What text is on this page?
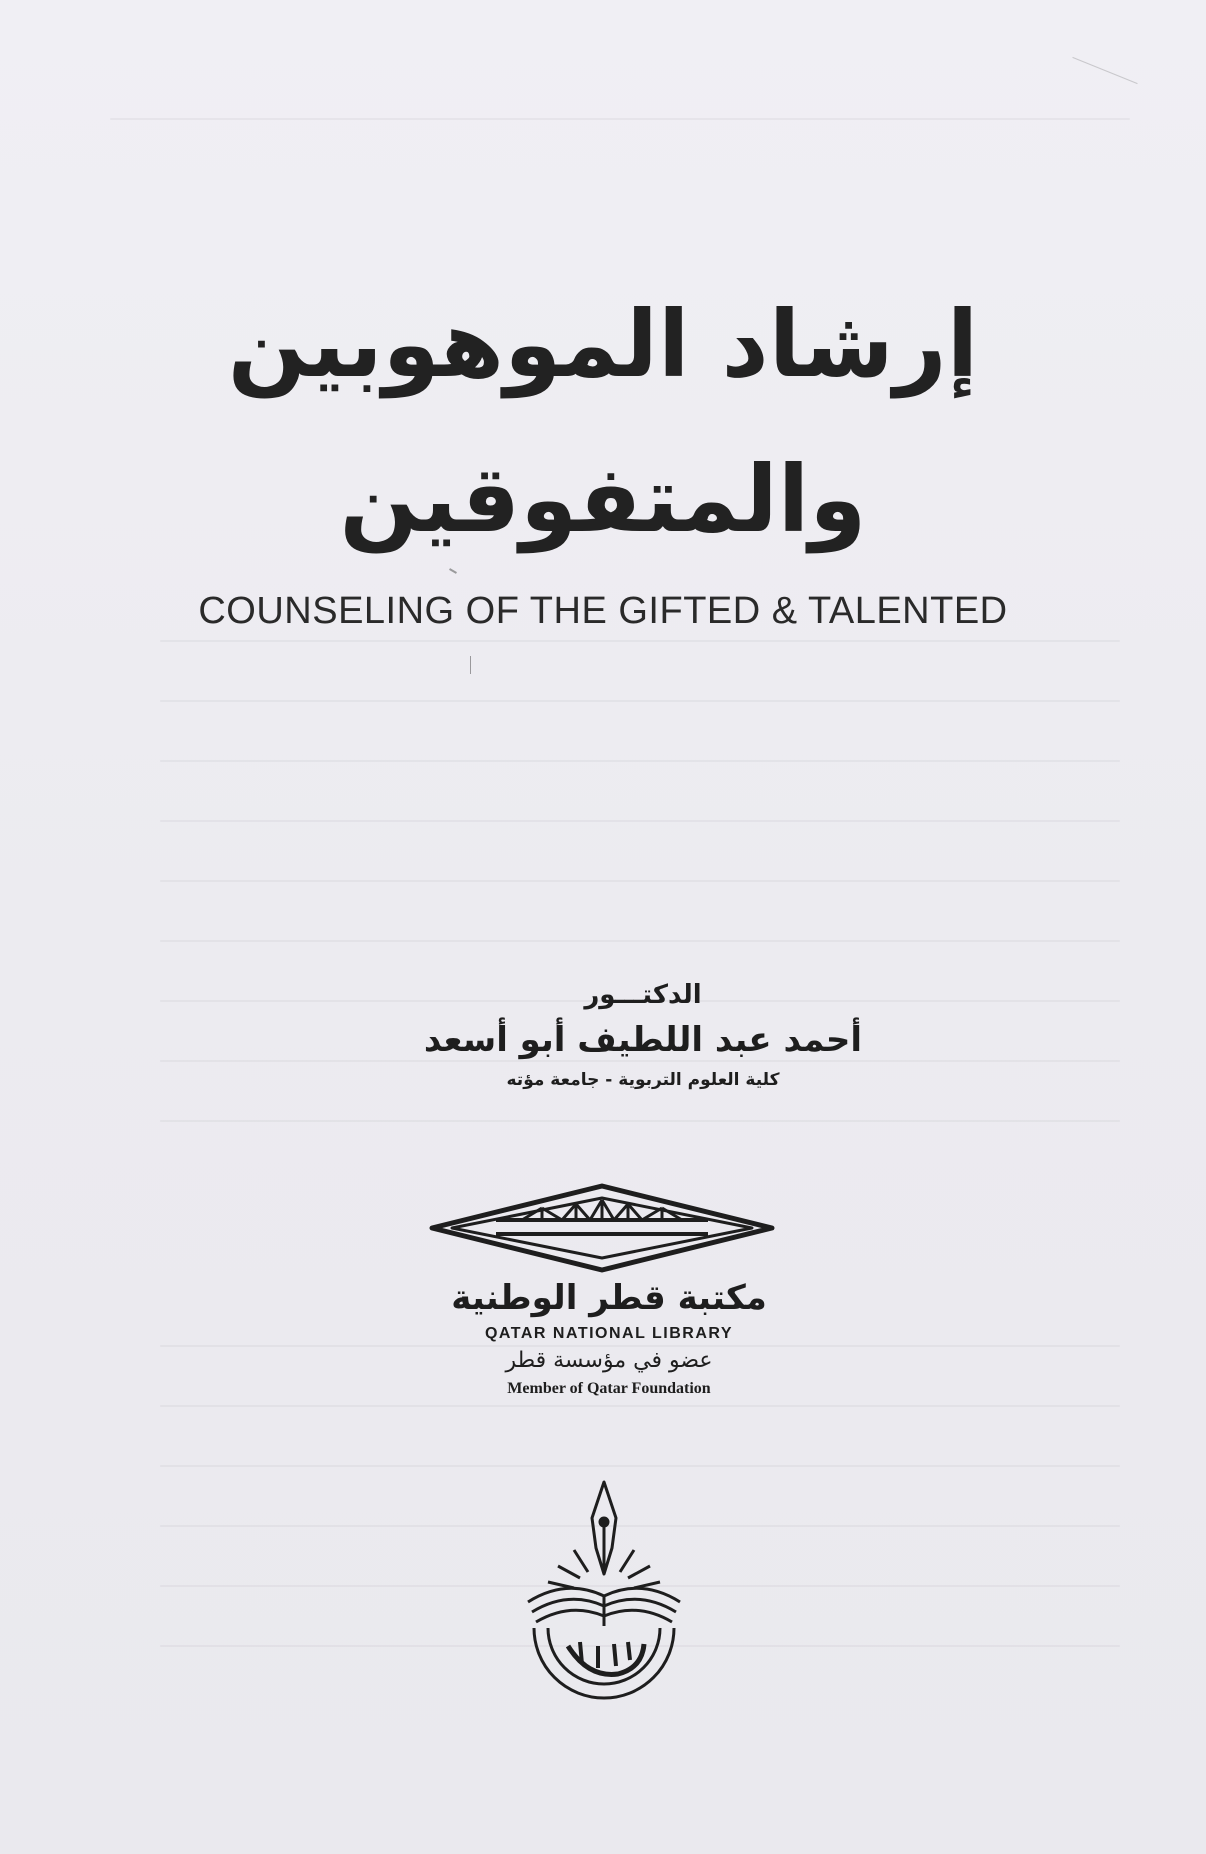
إرشاد الموهوبين
والمتفوقين
COUNSELING OF THE GIFTED & TALENTED
الدكتـــور
أحمد عبد اللطيف أبو أسعد
كلية العلوم التربوية - جامعة مؤته
مكتبة قطر الوطنية
QATAR NATIONAL LIBRARY
عضو في مؤسسة قطر
Member of Qatar Foundation
